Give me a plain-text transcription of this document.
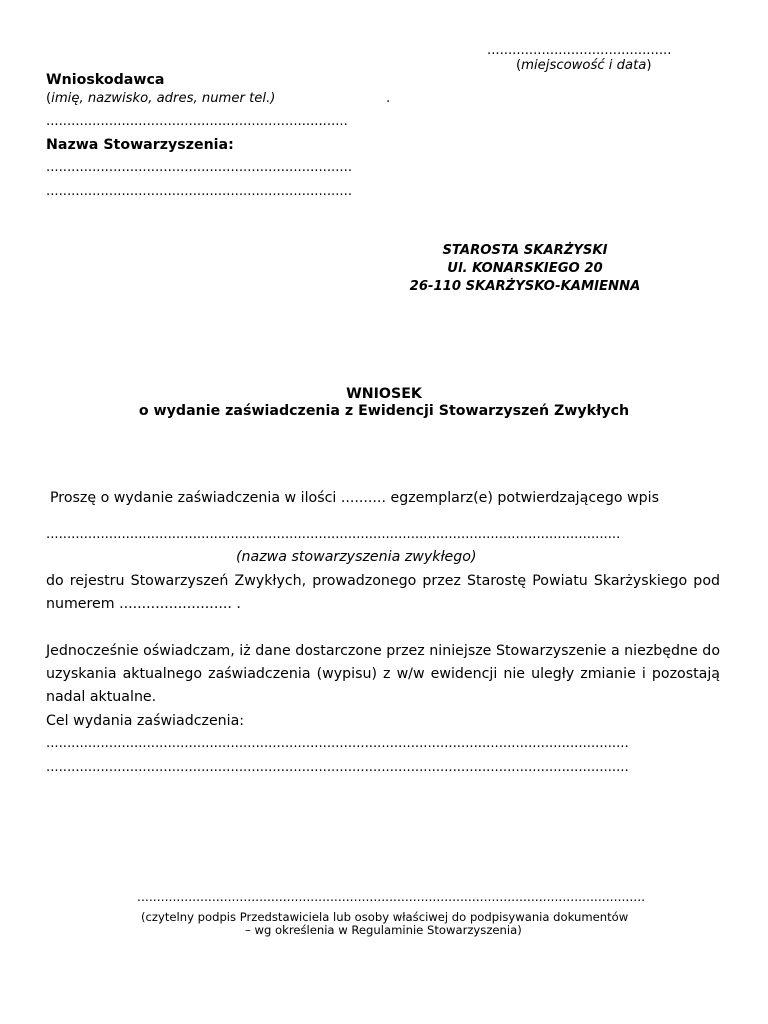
............................................
(miejscowość i data)
Wnioskodawca
(imię, nazwisko, adres, numer tel.)	.
........................................................................
Nazwa Stowarzyszenia:
.........................................................................
.........................................................................
STAROSTA SKARŻYSKI
Ul. KONARSKIEGO 20
26-110 SKARŻYSKO-KAMIENNA
WNIOSEK
o wydanie zaświadczenia z Ewidencji Stowarzyszeń Zwykłych
Proszę o wydanie zaświadczenia w ilości .......... egzemplarz(e) potwierdzającego wpis
.........................................................................................................................................
(nazwa stowarzyszenia zwykłego)
do rejestru Stowarzyszeń Zwykłych, prowadzonego przez Starostę Powiatu Skarżyskiego pod
numerem ......................... .
Jednocześnie oświadczam, iż dane dostarczone przez niniejsze Stowarzyszenie a niezbędne do
uzyskania aktualnego zaświadczenia (wypisu) z w/w ewidencji nie uległy zmianie i pozostają
nadal aktualne.
Cel wydania zaświadczenia:
...........................................................................................................................................
...........................................................................................................................................
.................................................................................................................................
(czytelny podpis Przedstawiciela lub osoby właściwej do podpisywania dokumentów
– wg określenia w Regulaminie Stowarzyszenia)
